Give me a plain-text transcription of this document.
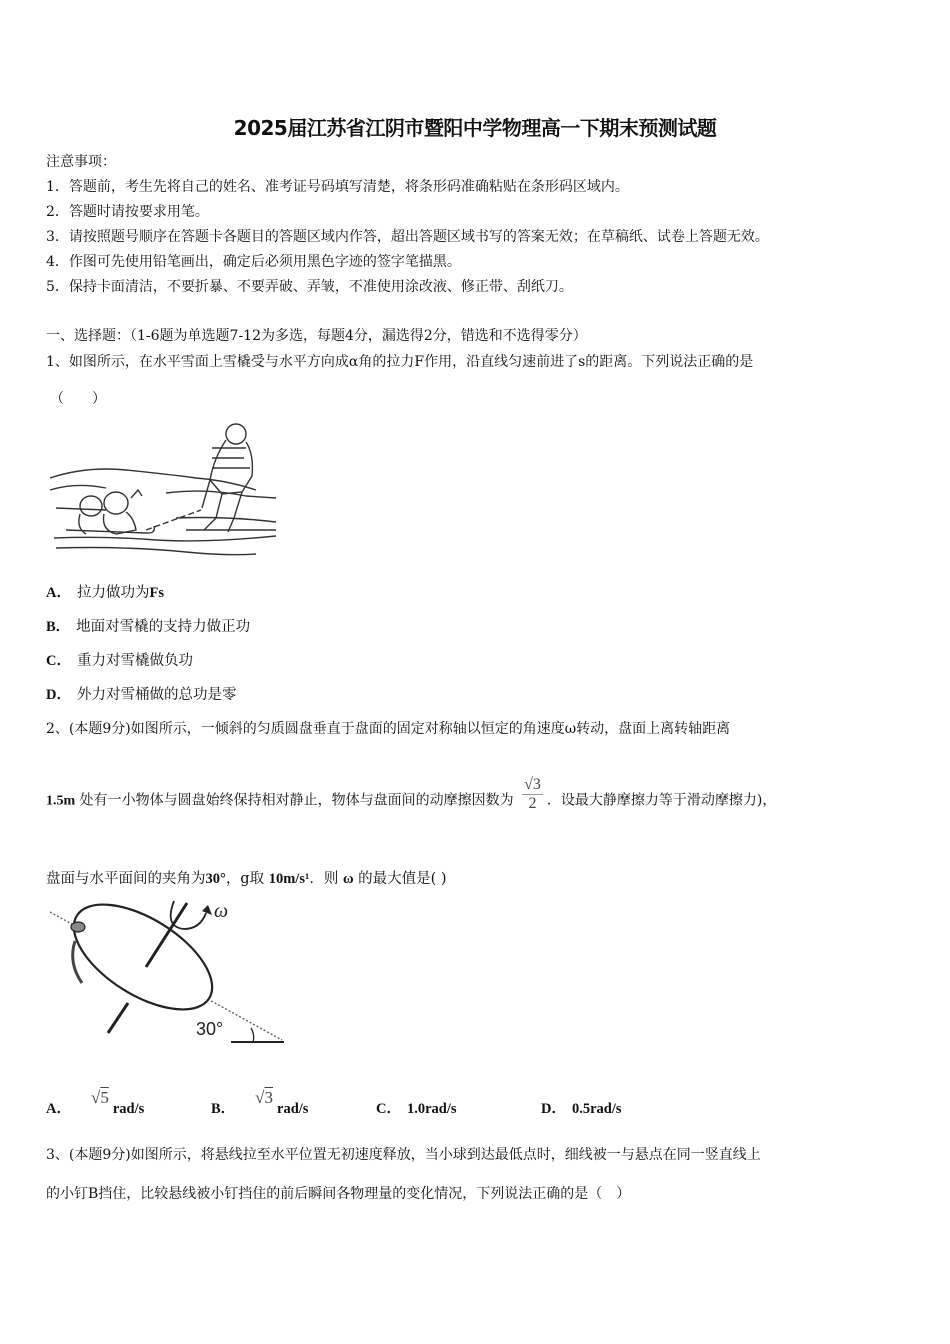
2025届江苏省江阴市暨阳中学物理高一下期末预测试题
注意事项：
1．答题前，考生先将自己的姓名、准考证号码填写清楚，将条形码准确粘贴在条形码区域内。
2．答题时请按要求用笔。
3．请按照题号顺序在答题卡各题目的答题区域内作答，超出答题区域书写的答案无效；在草稿纸、试卷上答题无效。
4．作图可先使用铅笔画出，确定后必须用黑色字迹的签字笔描黑。
5．保持卡面清洁，不要折暴、不要弄破、弄皱，不准使用涂改液、修正带、刮纸刀。
一、选择题：（1-6题为单选题7-12为多选，每题4分，漏选得2分，错选和不选得零分）
1、如图所示，在水平雪面上雪橇受与水平方向成α角的拉力F作用，沿直线匀速前进了s的距离。下列说法正确的是
（　　）
A． 拉力做功为Fs
B． 地面对雪橇的支持力做正功
C． 重力对雪橇做负功
D． 外力对雪桶做的总功是零
2、(本题9分)如图所示，一倾斜的匀质圆盘垂直于盘面的固定对称轴以恒定的角速度ω转动，盘面上离转轴距离
1.5m 处有一小物体与圆盘始终保持相对静止，物体与盘面间的动摩擦因数为 $\frac{√3}{2}$ ．设最大静摩擦力等于滑动摩擦力)，
盘面与水平面间的夹角为30°，g取 10m/s¹．则 ω 的最大值是( )
ω
30°
A．√5rad/s	B．√3rad/s	C． 1.0rad/s	D． 0.5rad/s
3、(本题9分)如图所示，将悬线拉至水平位置无初速度释放，当小球到达最低点时，细线被一与悬点在同一竖直线上
的小钉B挡住，比较悬线被小钉挡住的前后瞬间各物理量的变化情况，下列说法正确的是（　）
